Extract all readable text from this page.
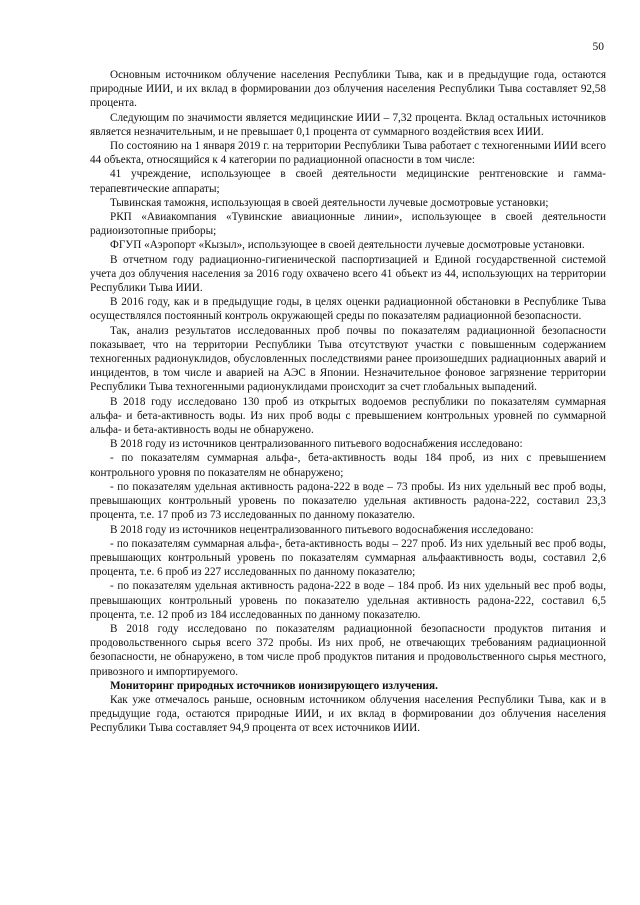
50

Основным источником облучение населения Республики Тыва, как и в предыдущие года, остаются природные ИИИ, и их вклад в формировании доз облучения населения Республики Тыва составляет 92,58 процента.

Следующим по значимости является медицинские ИИИ – 7,32 процента. Вклад остальных источников является незначительным, и не превышает 0,1 процента от суммарного воздействия всех ИИИ.

По состоянию на 1 января 2019 г. на территории Республики Тыва работает с техногенными ИИИ всего 44 объекта, относящийся к 4 категории по радиационной опасности в том числе:

41 учреждение, использующее в своей деятельности медицинские рентгеновские и гамма-терапевтические аппараты;

Тывинская таможня, использующая в своей деятельности лучевые досмотровые установки;

РКП «Авиакомпания «Тувинские авиационные линии», использующее в своей деятельности радиоизотопные приборы;

ФГУП «Аэропорт «Кызыл», использующее в своей деятельности лучевые досмотровые установки.

В отчетном году радиационно-гигиенической паспортизацией и Единой государственной системой учета доз облучения населения за 2016 году охвачено всего 41 объект из 44, использующих на территории Республики Тыва ИИИ.

В 2016 году, как и в предыдущие годы, в целях оценки радиационной обстановки в Республике Тыва осуществлялся постоянный контроль окружающей среды по показателям радиационной безопасности.

Так, анализ результатов исследованных проб почвы по показателям радиационной безопасности показывает, что на территории Республики Тыва отсутствуют участки с повышенным содержанием техногенных радионуклидов, обусловленных последствиями ранее произошедших радиационных аварий и инцидентов, в том числе и аварией на АЭС в Японии. Незначительное фоновое загрязнение территории Республики Тыва техногенными радионуклидами происходит за счет глобальных выпадений.

В 2018 году исследовано 130 проб из открытых водоемов республики по показателям суммарная альфа- и бета-активность воды. Из них проб воды с превышением контрольных уровней по суммарной альфа- и бета-активность воды не обнаружено.

В 2018 году из источников централизованного питьевого водоснабжения исследовано:

- по показателям суммарная альфа-, бета-активность воды 184 проб, из них с превышением контрольного уровня по показателям не обнаружено;

- по показателям удельная активность радона-222 в воде – 73 пробы. Из них удельный вес проб воды, превышающих контрольный уровень по показателю удельная активность радона-222, составил 23,3 процента, т.е. 17 проб из 73 исследованных по данному показателю.

В 2018 году из источников нецентрализованного питьевого водоснабжения исследовано:

- по показателям суммарная альфа-, бета-активность воды – 227 проб. Из них удельный вес проб воды, превышающих контрольный уровень по показателям суммарная альфаактивность воды, составил 2,6 процента, т.е. 6 проб из 227 исследованных по данному показателю;

- по показателям удельная активность радона-222 в воде – 184 проб. Из них удельный вес проб воды, превышающих контрольный уровень по показателю удельная активность радона-222, составил 6,5 процента, т.е. 12 проб из 184 исследованных по данному показателю.

В 2018 году исследовано по показателям радиационной безопасности продуктов питания и продовольственного сырья всего 372 пробы. Из них проб, не отвечающих требованиям радиационной безопасности, не обнаружено, в том числе проб продуктов питания и продовольственного сырья местного, привозного и импортируемого.

Мониторинг природных источников ионизирующего излучения.

Как уже отмечалось раньше, основным источником облучения населения Республики Тыва, как и в предыдущие года, остаются природные ИИИ, и их вклад в формировании доз облучения населения Республики Тыва составляет 94,9 процента от всех источников ИИИ.
